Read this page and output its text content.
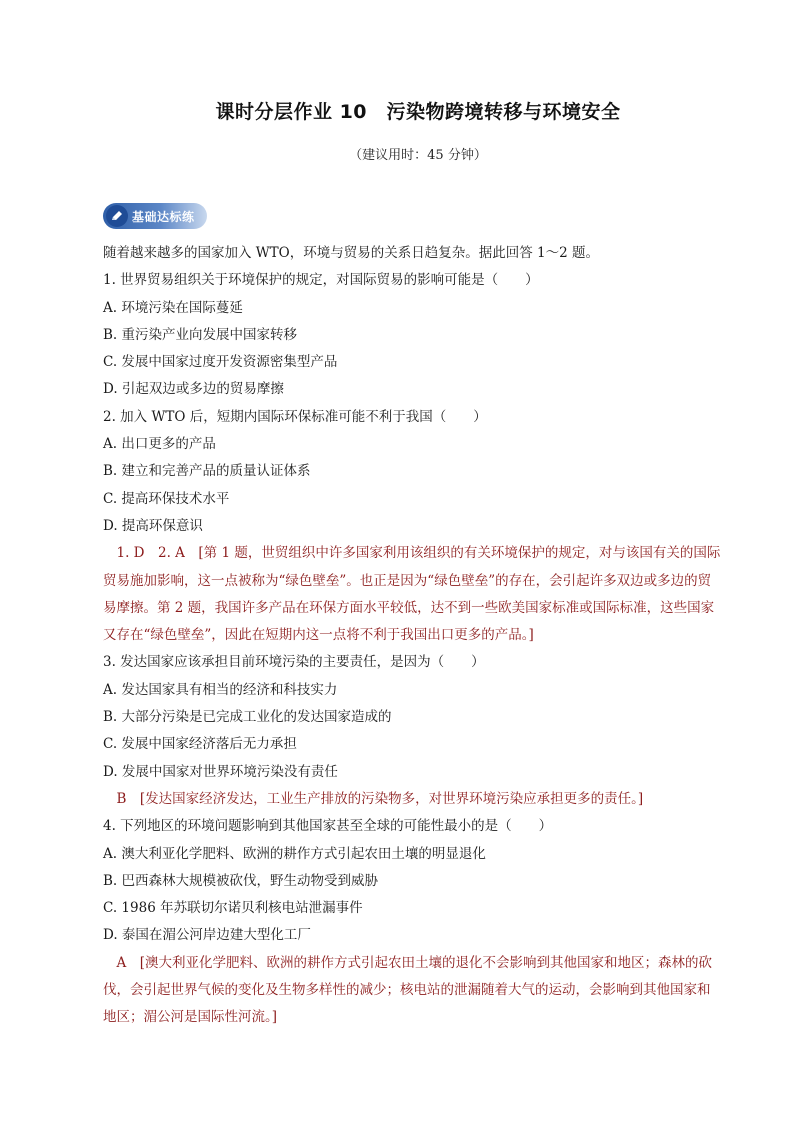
课时分层作业 10　污染物跨境转移与环境安全
（建议用时：45 分钟）
基础达标练

随着越来越多的国家加入 WTO，环境与贸易的关系日趋复杂。据此回答 1～2 题。

1. 世界贸易组织关于环境保护的规定，对国际贸易的影响可能是（　　）

A. 环境污染在国际蔓延

B. 重污染产业向发展中国家转移

C. 发展中国家过度开发资源密集型产品

D. 引起双边或多边的贸易摩擦

2. 加入 WTO 后，短期内国际环保标准可能不利于我国（　　）

A. 出口更多的产品

B. 建立和完善产品的质量认证体系

C. 提高环保技术水平

D. 提高环保意识

　1. D　2. A　[第 1 题，世贸组织中许多国家利用该组织的有关环境保护的规定，对与该国有关的国际贸易施加影响，这一点被称为“绿色壁垒”。也正是因为“绿色壁垒”的存在，会引起许多双边或多边的贸易摩擦。第 2 题，我国许多产品在环保方面水平较低，达不到一些欧美国家标准或国际标准，这些国家又存在“绿色壁垒”，因此在短期内这一点将不利于我国出口更多的产品。]

3. 发达国家应该承担目前环境污染的主要责任，是因为（　　）

A. 发达国家具有相当的经济和科技实力

B. 大部分污染是已完成工业化的发达国家造成的

C. 发展中国家经济落后无力承担

D. 发展中国家对世界环境污染没有责任

　B　[发达国家经济发达，工业生产排放的污染物多，对世界环境污染应承担更多的责任。]

4. 下列地区的环境问题影响到其他国家甚至全球的可能性最小的是（　　）

A. 澳大利亚化学肥料、欧洲的耕作方式引起农田土壤的明显退化

B. 巴西森林大规模被砍伐，野生动物受到威胁

C. 1986 年苏联切尔诺贝利核电站泄漏事件

D. 泰国在湄公河岸边建大型化工厂

　A　[澳大利亚化学肥料、欧洲的耕作方式引起农田土壤的退化不会影响到其他国家和地区；森林的砍伐，会引起世界气候的变化及生物多样性的减少；核电站的泄漏随着大气的运动，会影响到其他国家和地区；湄公河是国际性河流。]
